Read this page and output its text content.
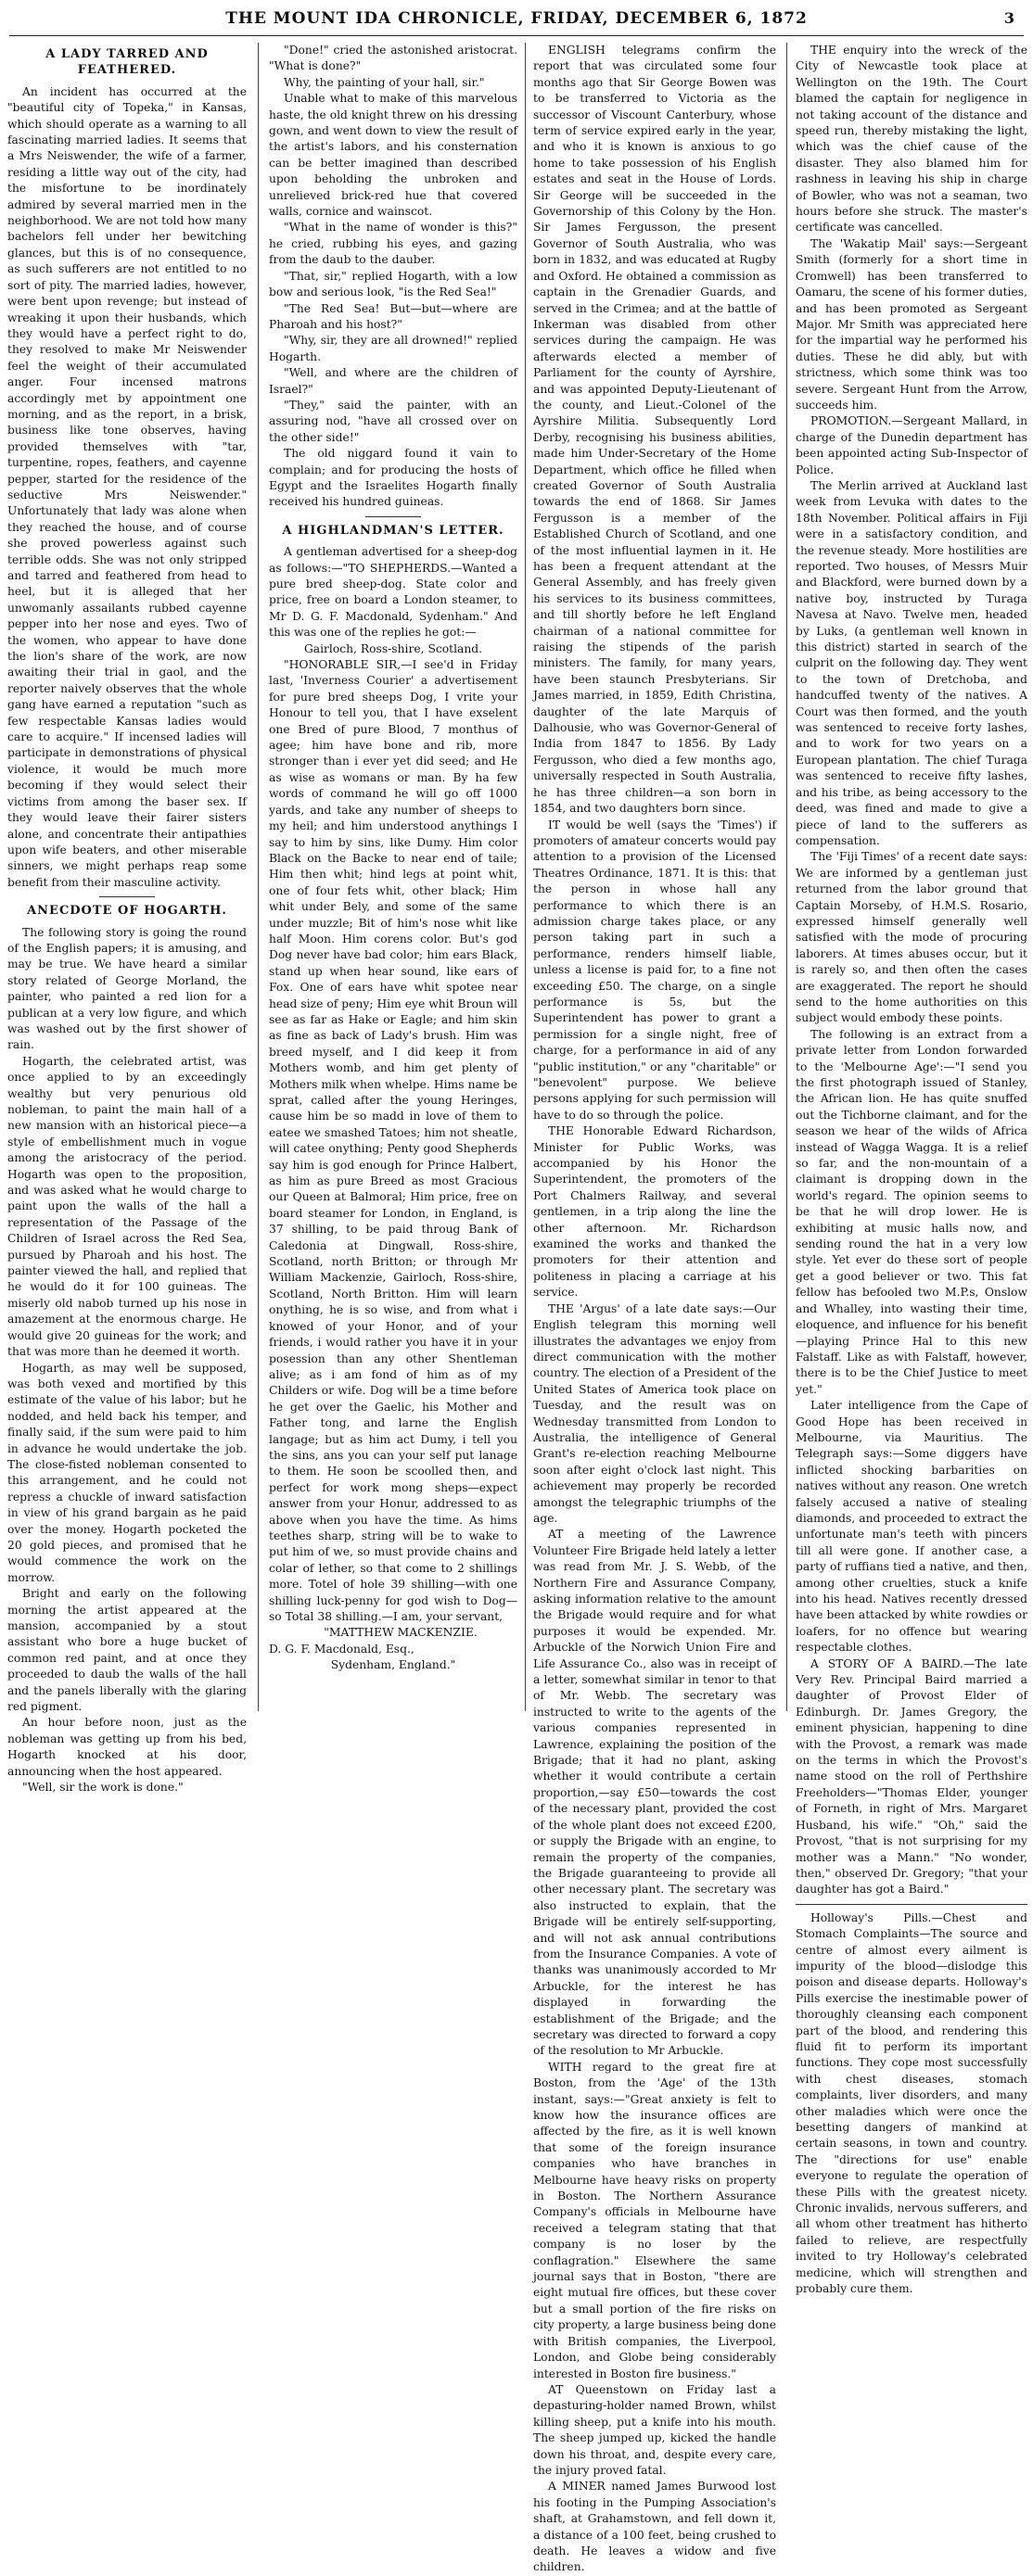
THE MOUNT IDA CHRONICLE, FRIDAY, DECEMBER 6, 1872	3
A LADY TARRED AND FEATHERED.

An incident has occurred at the "beautiful city of Topeka," in Kansas, which should operate as a warning to all fascinating married ladies. It seems that a Mrs Neiswender, the wife of a farmer, residing a little way out of the city, had the misfortune to be inordinately admired by several married men in the neighborhood. We are not told how many bachelors fell under her bewitching glances, but this is of no consequence, as such sufferers are not entitled to no sort of pity. The married ladies, however, were bent upon revenge; but instead of wreaking it upon their husbands, which they would have a perfect right to do, they resolved to make Mr Neiswender feel the weight of their accumulated anger. Four incensed matrons accordingly met by appointment one morning, and as the report, in a brisk, business like tone observes, having provided themselves with "tar, turpentine, ropes, feathers, and cayenne pepper, started for the residence of the seductive Mrs Neiswender." Unfortunately that lady was alone when they reached the house, and of course she proved powerless against such terrible odds. She was not only stripped and tarred and feathered from head to heel, but it is alleged that her unwomanly assailants rubbed cayenne pepper into her nose and eyes. Two of the women, who appear to have done the lion's share of the work, are now awaiting their trial in gaol, and the reporter naively observes that the whole gang have earned a reputation "such as few respectable Kansas ladies would care to acquire." If incensed ladies will participate in demonstrations of physical violence, it would be much more becoming if they would select their victims from among the baser sex. If they would leave their fairer sisters alone, and concentrate their antipathies upon wife beaters, and other miserable sinners, we might perhaps reap some benefit from their masculine activity.

ANECDOTE OF HOGARTH.

The following story is going the round of the English papers; it is amusing, and may be true. We have heard a similar story related of George Morland, the painter, who painted a red lion for a publican at a very low figure, and which was washed out by the first shower of rain.

Hogarth, the celebrated artist, was once applied to by an exceedingly wealthy but very penurious old nobleman, to paint the main hall of a new mansion with an historical piece—a style of embellishment much in vogue among the aristocracy of the period. Hogarth was open to the proposition, and was asked what he would charge to paint upon the walls of the hall a representation of the Passage of the Children of Israel across the Red Sea, pursued by Pharoah and his host. The painter viewed the hall, and replied that he would do it for 100 guineas. The miserly old nabob turned up his nose in amazement at the enormous charge. He would give 20 guineas for the work; and that was more than he deemed it worth.

Hogarth, as may well be supposed, was both vexed and mortified by this estimate of the value of his labor; but he nodded, and held back his temper, and finally said, if the sum were paid to him in advance he would undertake the job. The close-fisted nobleman consented to this arrangement, and he could not repress a chuckle of inward satisfaction in view of his grand bargain as he paid over the money. Hogarth pocketed the 20 gold pieces, and promised that he would commence the work on the morrow.

Bright and early on the following morning the artist appeared at the mansion, accompanied by a stout assistant who bore a huge bucket of common red paint, and at once they proceeded to daub the walls of the hall and the panels liberally with the glaring red pigment.

An hour before noon, just as the nobleman was getting up from his bed, Hogarth knocked at his door, announcing when the host appeared.

"Well, sir the work is done."

"Done!" cried the astonished aristocrat. "What is done?"

Why, the painting of your hall, sir."

Unable what to make of this marvelous haste, the old knight threw on his dressing gown, and went down to view the result of the artist's labors, and his consternation can be better imagined than described upon beholding the unbroken and unrelieved brick-red hue that covered walls, cornice and wainscot.

"What in the name of wonder is this?" he cried, rubbing his eyes, and gazing from the daub to the dauber.

"That, sir," replied Hogarth, with a low bow and serious look, "is the Red Sea!"

"The Red Sea! But—but—where are Pharoah and his host?"

"Why, sir, they are all drowned!" replied Hogarth.

"Well, and where are the children of Israel?"

"They," said the painter, with an assuring nod, "have all crossed over on the other side!"

The old niggard found it vain to complain; and for producing the hosts of Egypt and the Israelites Hogarth finally received his hundred guineas.

A HIGHLANDMAN'S LETTER.

A gentleman advertised for a sheep-dog as follows:—"TO SHEPHERDS.—Wanted a pure bred sheep-dog. State color and price, free on board a London steamer, to Mr D. G. F. Macdonald, Sydenham." And this was one of the replies he got:—

Gairloch, Ross-shire, Scotland.

"HONORABLE SIR,—I see'd in Friday last, 'Inverness Courier' a advertisement for pure bred sheeps Dog, I vrite your Honour to tell you, that I have exselent one Bred of pure Blood, 7 monthus of agee; him have bone and rib, more stronger than i ever yet did seed; and He as wise as womans or man. By ha few words of command he will go off 1000 yards, and take any number of sheeps to my heil; and him understood anythings I say to him by sins, like Dumy. Him color Black on the Backe to near end of taile; Him then whit; hind legs at point whit, one of four fets whit, other black; Him whit under Bely, and some of the same under muzzle; Bit of him's nose whit like half Moon. Him corens color. But's god Dog never have bad color; him ears Black, stand up when hear sound, like ears of Fox. One of ears have whit spotee near head size of peny; Him eye whit Broun will see as far as Hake or Eagle; and him skin as fine as back of Lady's brush. Him was breed myself, and I did keep it from Mothers womb, and him get plenty of Mothers milk when whelpe. Hims name be sprat, called after the young Heringes, cause him be so madd in love of them to eatee we smashed Tatoes; him not sheatle, will catee onything; Penty good Shepherds say him is god enough for Prince Halbert, as him as pure Breed as most Gracious our Queen at Balmoral; Him price, free on board steamer for London, in England, is 37 shilling, to be paid throug Bank of Caledonia at Dingwall, Ross-shire, Scotland, north Britton; or through Mr William Mackenzie, Gairloch, Ross-shire, Scotland, North Britton. Him will learn onything, he is so wise, and from what i knowed of your Honor, and of your friends, i would rather you have it in your posession than any other Shentleman alive; as i am fond of him as of my Childers or wife. Dog will be a time before he get over the Gaelic, his Mother and Father tong, and larne the English langage; but as him act Dumy, i tell you the sins, ans you can your self put lanage to them. He soon be scoolled then, and perfect for work mong sheps—expect answer from your Honur, addressed to as above when you have the time. As hims teethes sharp, string will be to wake to put him of we, so must provide chains and colar of lether, so that come to 2 shillings more. Totel of hole 39 shilling—with one shilling luck-penny for god wish to Dog—so Total 38 shilling.—I am, your servant,

"MATTHEW MACKENZIE.

D. G. F. Macdonald, Esq.,

Sydenham, England."

ENGLISH telegrams confirm the report that was circulated some four months ago that Sir George Bowen was to be transferred to Victoria as the successor of Viscount Canterbury, whose term of service expired early in the year, and who it is known is anxious to go home to take possession of his English estates and seat in the House of Lords. Sir George will be succeeded in the Governorship of this Colony by the Hon. Sir James Fergusson, the present Governor of South Australia, who was born in 1832, and was educated at Rugby and Oxford. He obtained a commission as captain in the Grenadier Guards, and served in the Crimea; and at the battle of Inkerman was disabled from other services during the campaign. He was afterwards elected a member of Parliament for the county of Ayrshire, and was appointed Deputy-Lieutenant of the county, and Lieut.-Colonel of the Ayrshire Militia. Subsequently Lord Derby, recognising his business abilities, made him Under-Secretary of the Home Department, which office he filled when created Governor of South Australia towards the end of 1868. Sir James Fergusson is a member of the Established Church of Scotland, and one of the most influential laymen in it. He has been a frequent attendant at the General Assembly, and has freely given his services to its business committees, and till shortly before he left England chairman of a national committee for raising the stipends of the parish ministers. The family, for many years, have been staunch Presbyterians. Sir James married, in 1859, Edith Christina, daughter of the late Marquis of Dalhousie, who was Governor-General of India from 1847 to 1856. By Lady Fergusson, who died a few months ago, universally respected in South Australia, he has three children—a son born in 1854, and two daughters born since.

IT would be well (says the 'Times') if promoters of amateur concerts would pay attention to a provision of the Licensed Theatres Ordinance, 1871. It is this: that the person in whose hall any performance to which there is an admission charge takes place, or any person taking part in such a performance, renders himself liable, unless a license is paid for, to a fine not exceeding £50. The charge, on a single performance is 5s, but the Superintendent has power to grant a permission for a single night, free of charge, for a performance in aid of any "public institution," or any "charitable" or "benevolent" purpose. We believe persons applying for such permission will have to do so through the police.

THE Honorable Edward Richardson, Minister for Public Works, was accompanied by his Honor the Superintendent, the promoters of the Port Chalmers Railway, and several gentlemen, in a trip along the line the other afternoon. Mr. Richardson examined the works and thanked the promoters for their attention and politeness in placing a carriage at his service.

THE 'Argus' of a late date says:—Our English telegram this morning well illustrates the advantages we enjoy from direct communication with the mother country. The election of a President of the United States of America took place on Tuesday, and the result was on Wednesday transmitted from London to Australia, the intelligence of General Grant's re-election reaching Melbourne soon after eight o'clock last night. This achievement may properly be recorded amongst the telegraphic triumphs of the age.

AT a meeting of the Lawrence Volunteer Fire Brigade held lately a letter was read from Mr. J. S. Webb, of the Northern Fire and Assurance Company, asking information relative to the amount the Brigade would require and for what purposes it would be expended. Mr. Arbuckle of the Norwich Union Fire and Life Assurance Co., also was in receipt of a letter, somewhat similar in tenor to that of Mr. Webb. The secretary was instructed to write to the agents of the various companies represented in Lawrence, explaining the position of the Brigade; that it had no plant, asking whether it would contribute a certain proportion,—say £50—towards the cost of the necessary plant, provided the cost of the whole plant does not exceed £200, or supply the Brigade with an engine, to remain the property of the companies, the Brigade guaranteeing to provide all other necessary plant. The secretary was also instructed to explain, that the Brigade will be entirely self-supporting, and will not ask annual contributions from the Insurance Companies. A vote of thanks was unanimously accorded to Mr Arbuckle, for the interest he has displayed in forwarding the establishment of the Brigade; and the secretary was directed to forward a copy of the resolution to Mr Arbuckle.

WITH regard to the great fire at Boston, from the 'Age' of the 13th instant, says:—"Great anxiety is felt to know how the insurance offices are affected by the fire, as it is well known that some of the foreign insurance companies who have branches in Melbourne have heavy risks on property in Boston. The Northern Assurance Company's officials in Melbourne have received a telegram stating that that company is no loser by the conflagration." Elsewhere the same journal says that in Boston, "there are eight mutual fire offices, but these cover but a small portion of the fire risks on city property, a large business being done with British companies, the Liverpool, London, and Globe being considerably interested in Boston fire business."

AT Queenstown on Friday last a depasturing-holder named Brown, whilst killing sheep, put a knife into his mouth. The sheep jumped up, kicked the handle down his throat, and, despite every care, the injury proved fatal.

A MINER named James Burwood lost his footing in the Pumping Association's shaft, at Grahamstown, and fell down it, a distance of a 100 feet, being crushed to death. He leaves a widow and five children.

THE enquiry into the wreck of the City of Newcastle took place at Wellington on the 19th. The Court blamed the captain for negligence in not taking account of the distance and speed run, thereby mistaking the light, which was the chief cause of the disaster. They also blamed him for rashness in leaving his ship in charge of Bowler, who was not a seaman, two hours before she struck. The master's certificate was cancelled.

The 'Wakatip Mail' says:—Sergeant Smith (formerly for a short time in Cromwell) has been transferred to Oamaru, the scene of his former duties, and has been promoted as Sergeant Major. Mr Smith was appreciated here for the impartial way he performed his duties. These he did ably, but with strictness, which some think was too severe. Sergeant Hunt from the Arrow, succeeds him.

PROMOTION.—Sergeant Mallard, in charge of the Dunedin department has been appointed acting Sub-Inspector of Police.

The Merlin arrived at Auckland last week from Levuka with dates to the 18th November. Political affairs in Fiji were in a satisfactory condition, and the revenue steady. More hostilities are reported. Two houses, of Messrs Muir and Blackford, were burned down by a native boy, instructed by Turaga Navesa at Navo. Twelve men, headed by Luks, (a gentleman well known in this district) started in search of the culprit on the following day. They went to the town of Dretchoba, and handcuffed twenty of the natives. A Court was then formed, and the youth was sentenced to receive forty lashes, and to work for two years on a European plantation. The chief Turaga was sentenced to receive fifty lashes, and his tribe, as being accessory to the deed, was fined and made to give a piece of land to the sufferers as compensation.

The 'Fiji Times' of a recent date says: We are informed by a gentleman just returned from the labor ground that Captain Morseby, of H.M.S. Rosario, expressed himself generally well satisfied with the mode of procuring laborers. At times abuses occur, but it is rarely so, and then often the cases are exaggerated. The report he should send to the home authorities on this subject would embody these points.

The following is an extract from a private letter from London forwarded to the 'Melbourne Age':—"I send you the first photograph issued of Stanley, the African lion. He has quite snuffed out the Tichborne claimant, and for the season we hear of the wilds of Africa instead of Wagga Wagga. It is a relief so far, and the non-mountain of a claimant is dropping down in the world's regard. The opinion seems to be that he will drop lower. He is exhibiting at music halls now, and sending round the hat in a very low style. Yet ever do these sort of people get a good believer or two. This fat fellow has befooled two M.P.s, Onslow and Whalley, into wasting their time, eloquence, and influence for his benefit—playing Prince Hal to this new Falstaff. Like as with Falstaff, however, there is to be the Chief Justice to meet yet."

Later intelligence from the Cape of Good Hope has been received in Melbourne, via Mauritius. The Telegraph says:—Some diggers have inflicted shocking barbarities on natives without any reason. One wretch falsely accused a native of stealing diamonds, and proceeded to extract the unfortunate man's teeth with pincers till all were gone. If another case, a party of ruffians tied a native, and then, among other cruelties, stuck a knife into his head. Natives recently dressed have been attacked by white rowdies or loafers, for no offence but wearing respectable clothes.

A STORY OF A BAIRD.—The late Very Rev. Principal Baird married a daughter of Provost Elder of Edinburgh. Dr. James Gregory, the eminent physician, happening to dine with the Provost, a remark was made on the terms in which the Provost's name stood on the roll of Perthshire Freeholders—"Thomas Elder, younger of Forneth, in right of Mrs. Margaret Husband, his wife." "Oh," said the Provost, "that is not surprising for my mother was a Mann." "No wonder, then," observed Dr. Gregory; "that your daughter has got a Baird."

Holloway's Pills.—Chest and Stomach Complaints—The source and centre of almost every ailment is impurity of the blood—dislodge this poison and disease departs. Holloway's Pills exercise the inestimable power of thoroughly cleansing each component part of the blood, and rendering this fluid fit to perform its important functions. They cope most successfully with chest diseases, stomach complaints, liver disorders, and many other maladies which were once the besetting dangers of mankind at certain seasons, in town and country. The "directions for use" enable everyone to regulate the operation of these Pills with the greatest nicety. Chronic invalids, nervous sufferers, and all whom other treatment has hitherto failed to relieve, are respectfully invited to try Holloway's celebrated medicine, which will strengthen and probably cure them.
